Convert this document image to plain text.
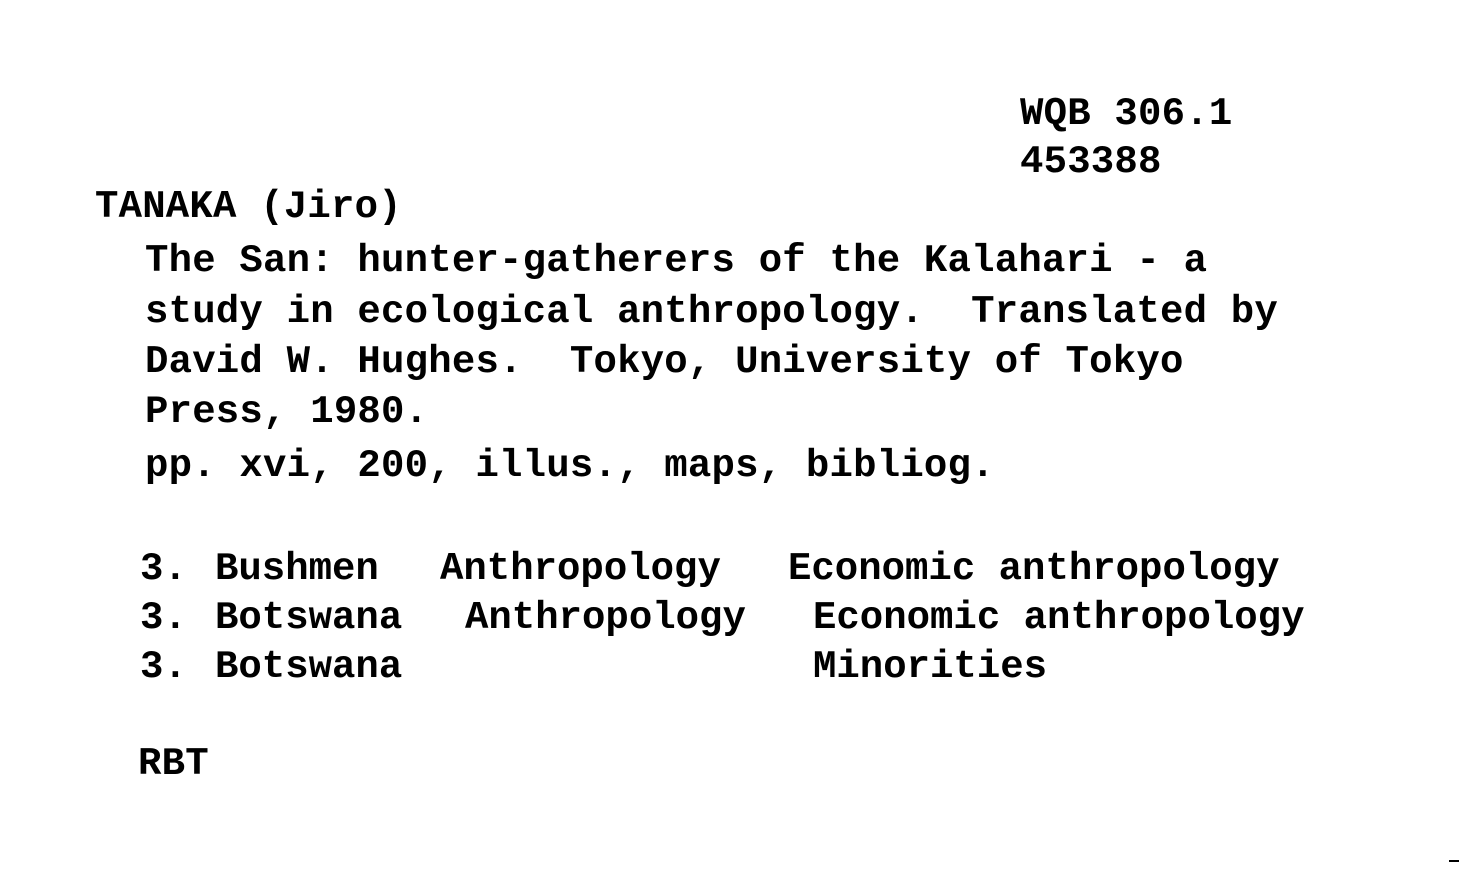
WQB 306.1
453388
TANAKA (Jiro)
The San: hunter-gatherers of the Kalahari - a
study in ecological anthropology.  Translated by
David W. Hughes.  Tokyo, University of Tokyo
Press, 1980.
pp. xvi, 200, illus., maps, bibliog.
3. Bushmen Anthropology Economic anthropology
3. Botswana Anthropology Economic anthropology
3. Botswana	Minorities
RBT
